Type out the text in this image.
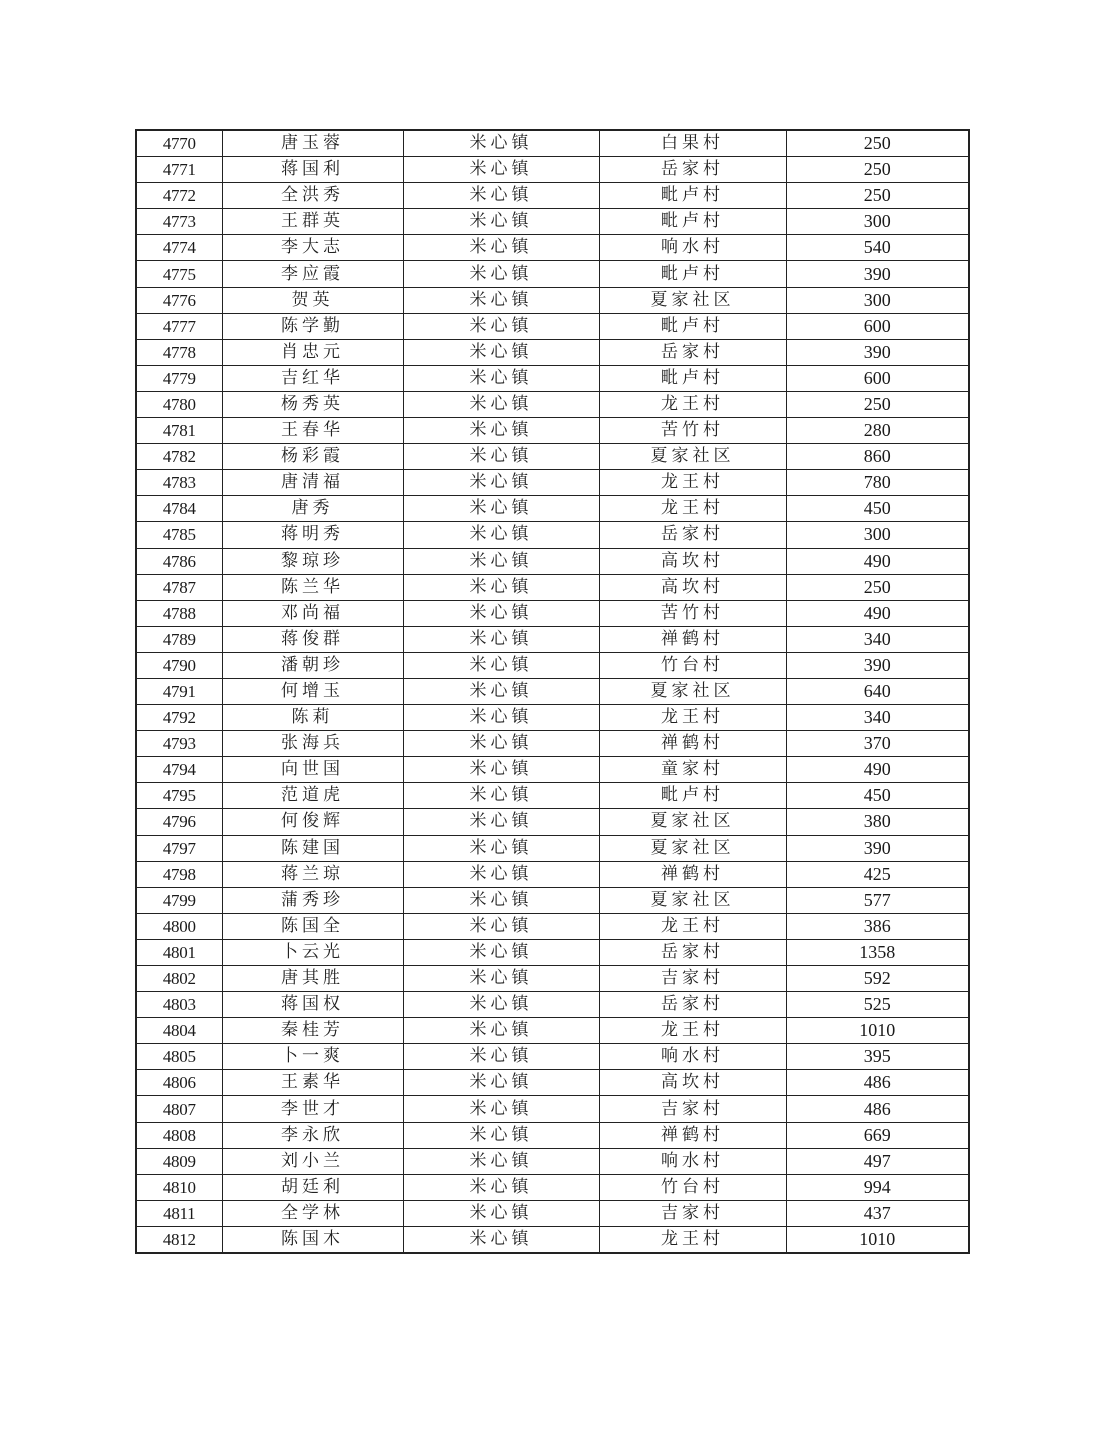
4770	唐玉蓉	米心镇	白果村	250
4771	蒋国利	米心镇	岳家村	250
4772	全洪秀	米心镇	毗卢村	250
4773	王群英	米心镇	毗卢村	300
4774	李大志	米心镇	响水村	540
4775	李应霞	米心镇	毗卢村	390
4776	贺英	米心镇	夏家社区	300
4777	陈学勤	米心镇	毗卢村	600
4778	肖忠元	米心镇	岳家村	390
4779	吉红华	米心镇	毗卢村	600
4780	杨秀英	米心镇	龙王村	250
4781	王春华	米心镇	苦竹村	280
4782	杨彩霞	米心镇	夏家社区	860
4783	唐清福	米心镇	龙王村	780
4784	唐秀	米心镇	龙王村	450
4785	蒋明秀	米心镇	岳家村	300
4786	黎琼珍	米心镇	高坎村	490
4787	陈兰华	米心镇	高坎村	250
4788	邓尚福	米心镇	苦竹村	490
4789	蒋俊群	米心镇	禅鹤村	340
4790	潘朝珍	米心镇	竹台村	390
4791	何增玉	米心镇	夏家社区	640
4792	陈莉	米心镇	龙王村	340
4793	张海兵	米心镇	禅鹤村	370
4794	向世国	米心镇	童家村	490
4795	范道虎	米心镇	毗卢村	450
4796	何俊辉	米心镇	夏家社区	380
4797	陈建国	米心镇	夏家社区	390
4798	蒋兰琼	米心镇	禅鹤村	425
4799	蒲秀珍	米心镇	夏家社区	577
4800	陈国全	米心镇	龙王村	386
4801	卜云光	米心镇	岳家村	1358
4802	唐其胜	米心镇	吉家村	592
4803	蒋国权	米心镇	岳家村	525
4804	秦桂芳	米心镇	龙王村	1010
4805	卜一爽	米心镇	响水村	395
4806	王素华	米心镇	高坎村	486
4807	李世才	米心镇	吉家村	486
4808	李永欣	米心镇	禅鹤村	669
4809	刘小兰	米心镇	响水村	497
4810	胡廷利	米心镇	竹台村	994
4811	全学林	米心镇	吉家村	437
4812	陈国木	米心镇	龙王村	1010
